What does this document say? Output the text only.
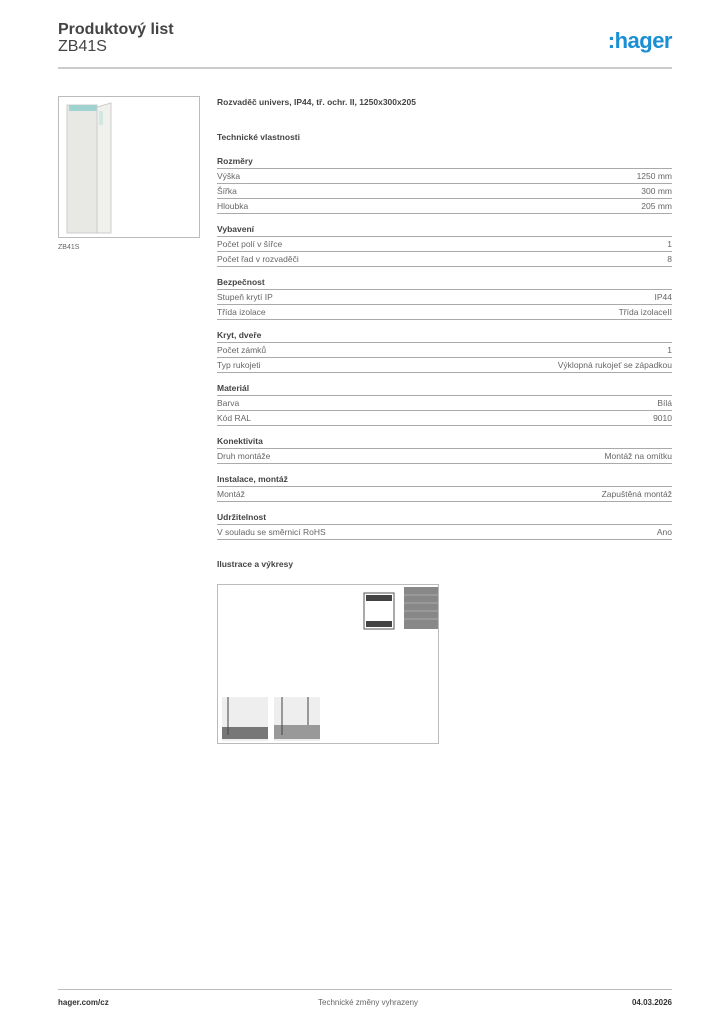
Produktový list
ZB41S	:hager
ZB41S
Rozvaděč univers, IP44, tř. ochr. II, 1250x300x205
Technické vlastnosti
Rozměry
Výška	1250 mm
Šířka	300 mm
Hloubka	205 mm
Vybavení
Počet polí v šířce	1
Počet řad v rozvaděči	8
Bezpečnost
Stupeň krytí IP	IP44
Třída izolace	Třída izolaceII
Kryt, dveře
Počet zámků	1
Typ rukojeti	Výklopná rukojeť se západkou
Materiál
Barva	Bílá
Kód RAL	9010
Konektivita
Druh montáže	Montáž na omítku
Instalace, montáž
Montáž	Zapuštěná montáž
Udržitelnost
V souladu se směrnicí RoHS	Ano
Ilustrace a výkresy
hager.com/cz	Technické změny vyhrazeny	04.03.2026
